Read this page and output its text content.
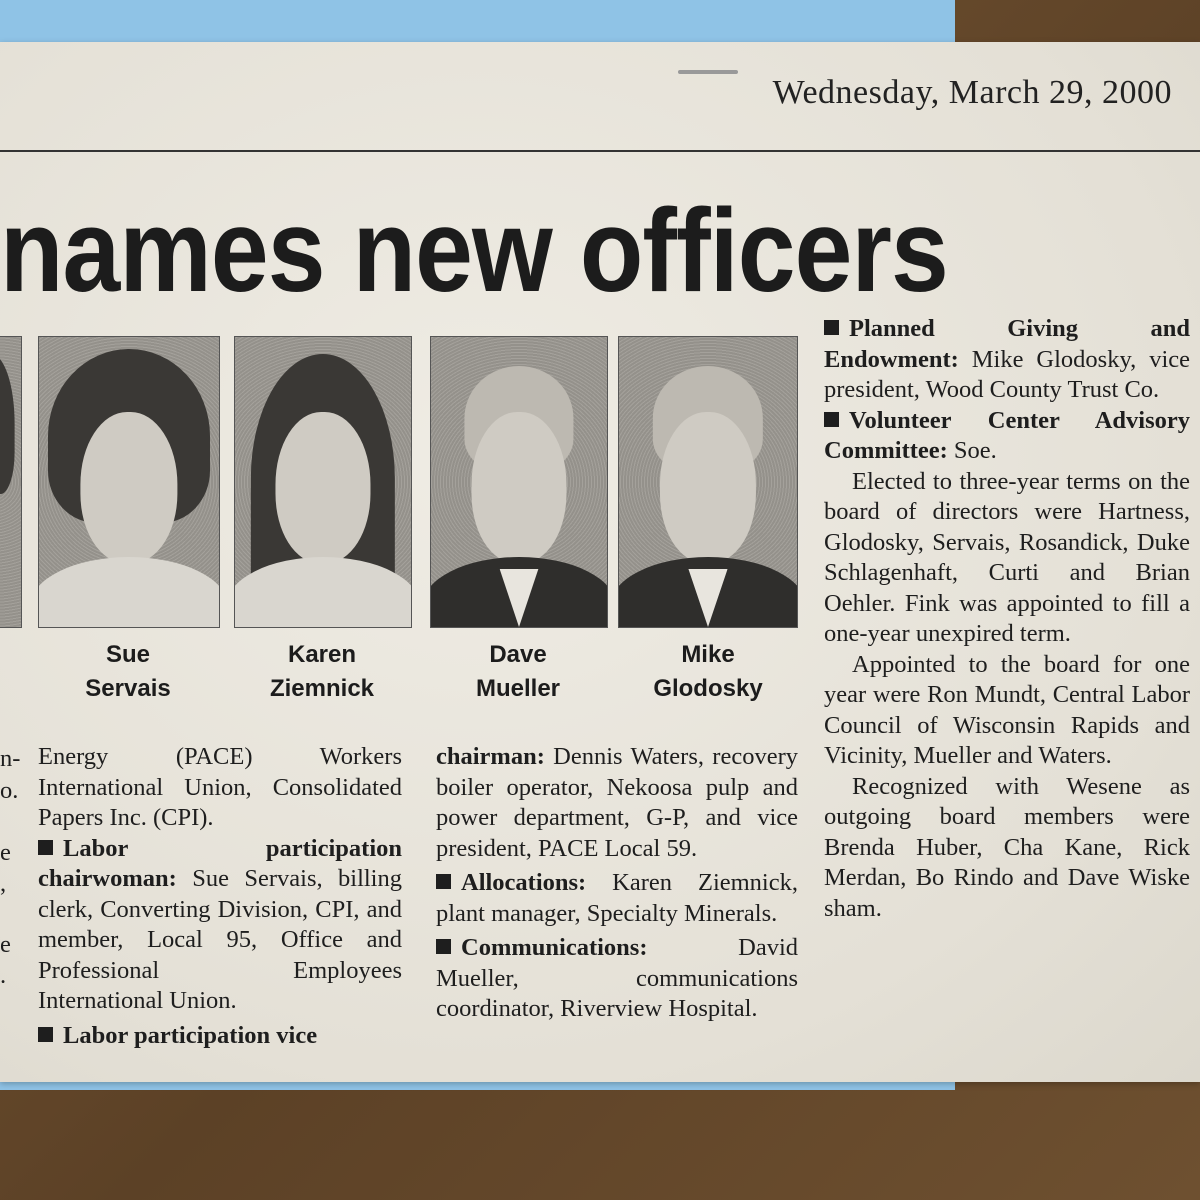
Wednesday, March 29, 2000
names new officers
Sue
Servais
Karen
Ziemnick
Dave
Mueller
Mike
Glodosky
n-
o.
e
,
e
.

Energy (PACE) Workers International Union, Consolidated Papers Inc. (CPI).

Labor participation chairwoman: Sue Servais, billing clerk, Converting Division, CPI, and member, Local 95, Office and Professional Employees International Union.

Labor participation vice

chairman: Dennis Waters, recovery boiler operator, Nekoosa pulp and power department, G-P, and vice president, PACE Local 59.

Allocations: Karen Ziemnick, plant manager, Specialty Minerals.

Communications: David Mueller, communications coordinator, Riverview Hospital.

Planned Giving and Endowment: Mike Glodosky, vice president, Wood County Trust Co.

Volunteer Center Advisory Committee: Soe.

Elected to three-year terms on the board of directors were Hartness, Glodosky, Servais, Rosandick, Duke Schlagenhaft, Curti and Brian Oehler. Fink was appointed to fill a one-year unexpired term.

Appointed to the board for one year were Ron Mundt, Central Labor Council of Wisconsin Rapids and Vicinity, Mueller and Waters.

Recognized with Wesene as outgoing board members were Brenda Huber, Cha Kane, Rick Merdan, Bo Rindo and Dave Wiske sham.
